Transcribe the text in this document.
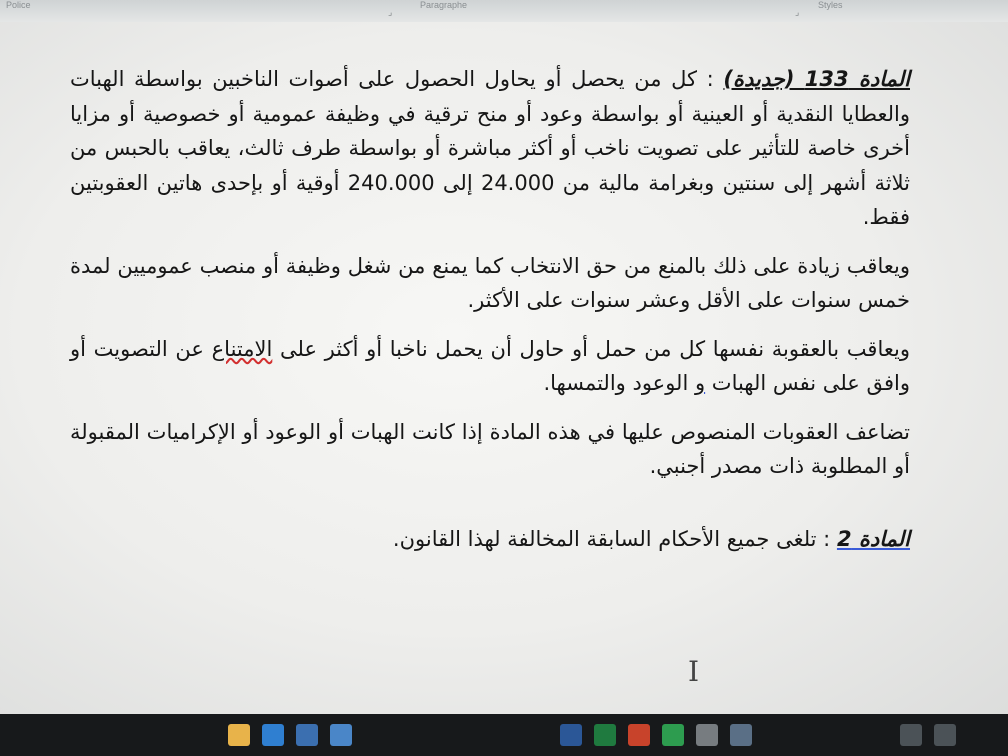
Police	Paragraphe
⌟	⌟
Styles

المادة 133 (جديدة) : كل من يحصل أو يحاول الحصول على أصوات الناخبين بواسطة الهبات والعطايا النقدية أو العينية أو بواسطة وعود أو منح ترقية في وظيفة عمومية أو خصوصية أو مزايا أخرى خاصة للتأثير على تصويت ناخب أو أكثر مباشرة أو بواسطة طرف ثالث، يعاقب بالحبس من ثلاثة أشهر إلى سنتين وبغرامة مالية من 24.000 إلى 240.000 أوقية أو بإحدى هاتين العقوبتين فقط.

ويعاقب زيادة على ذلك بالمنع من حق الانتخاب كما يمنع من شغل وظيفة أو منصب عموميين لمدة خمس سنوات على الأقل وعشر سنوات على الأكثر.

ويعاقب بالعقوبة نفسها كل من حمل أو حاول أن يحمل ناخبا أو أكثر على الامتناع عن التصويت أو وافق على نفس الهبات و الوعود والتمسها.

تضاعف العقوبات المنصوص عليها في هذه المادة إذا كانت الهبات أو الوعود أو الإكراميات المقبولة أو المطلوبة ذات مصدر أجنبي.

المادة 2 : تلغى جميع الأحكام السابقة المخالفة لهذا القانون.

I
